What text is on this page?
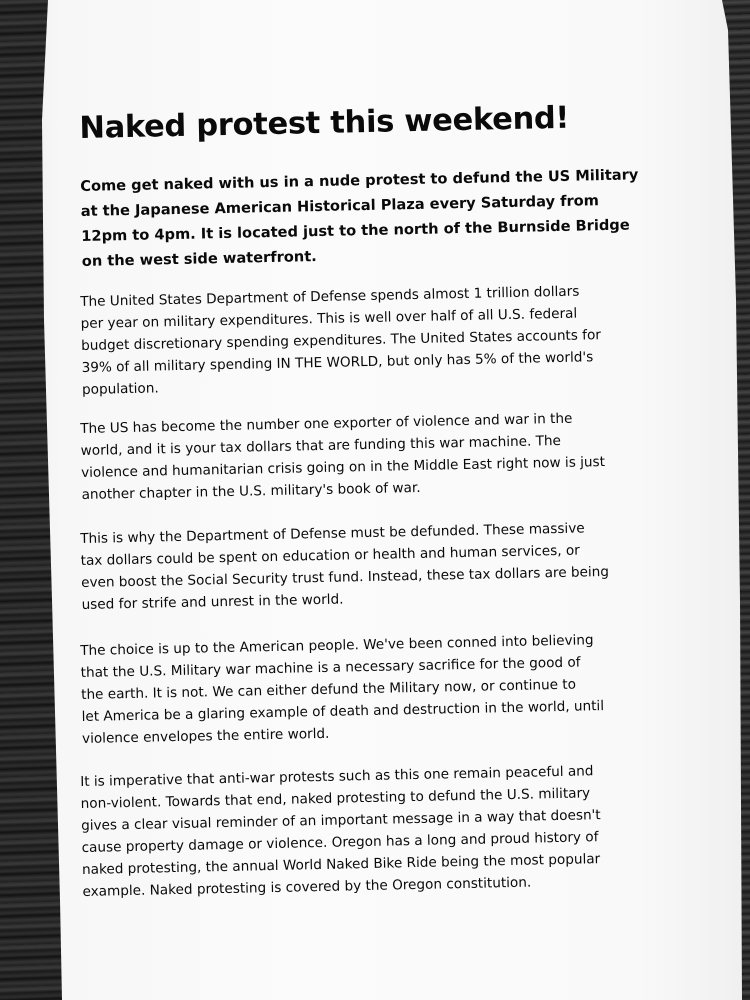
Naked protest this weekend!

Come get naked with us in a nude protest to defund the US Military
at the Japanese American Historical Plaza every Saturday from
12pm to 4pm. It is located just to the north of the Burnside Bridge
on the west side waterfront.

The United States Department of Defense spends almost 1 trillion dollars
per year on military expenditures. This is well over half of all U.S. federal
budget discretionary spending expenditures. The United States accounts for
39% of all military spending IN THE WORLD, but only has 5% of the world's
population.

The US has become the number one exporter of violence and war in the
world, and it is your tax dollars that are funding this war machine. The
violence and humanitarian crisis going on in the Middle East right now is just
another chapter in the U.S. military's book of war.

This is why the Department of Defense must be defunded. These massive
tax dollars could be spent on education or health and human services, or
even boost the Social Security trust fund. Instead, these tax dollars are being
used for strife and unrest in the world.

The choice is up to the American people. We've been conned into believing
that the U.S. Military war machine is a necessary sacrifice for the good of
the earth. It is not. We can either defund the Military now, or continue to
let America be a glaring example of death and destruction in the world, until
violence envelopes the entire world.

It is imperative that anti-war protests such as this one remain peaceful and
non-violent. Towards that end, naked protesting to defund the U.S. military
gives a clear visual reminder of an important message in a way that doesn't
cause property damage or violence. Oregon has a long and proud history of
naked protesting, the annual World Naked Bike Ride being the most popular
example. Naked protesting is covered by the Oregon constitution.
